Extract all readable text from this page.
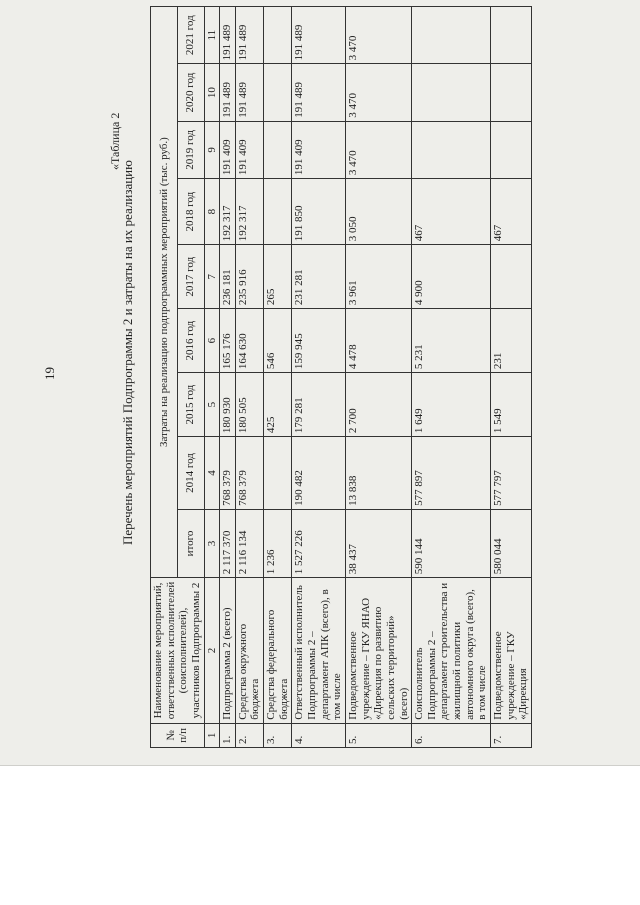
19
«Таблица 2
Перечень мероприятий Подпрограммы 2 и затраты на их реализацию
№ п/п	Наименование мероприятий, ответственных исполнителей (соисполнителей), участников Подпрограммы 2	Затраты на реализацию подпрограммных мероприятий (тыс. руб.)								
		итого	2014 год	2015 год	2016 год	2017 год	2018 год	2019 год	2020 год	2021 год
1	2	3	4	5	6	7	8	9	10	11
1.	Подпрограмма 2 (всего)	2 117 370	768 379	180 930	165 176	236 181	192 317	191 409	191 489	191 489
2.	Средства окружного бюджета	2 116 134	768 379	180 505	164 630	235 916	192 317	191 409	191 489	191 489
3.	Средства федерального бюджета	1 236		425	546	265				
4.	Ответственный исполнитель Подпрограммы 2 – департамент АПК (всего), в том числе	1 527 226	190 482	179 281	159 945	231 281	191 850	191 409	191 489	191 489
5.	Подведомственное учреждение – ГКУ ЯНАО «Дирекция по развитию сельских территорий» (всего)	38 437	13 838	2 700	4 478	3 961	3 050	3 470	3 470	3 470
6.	Соисполнитель Подпрограммы 2 – департамент строительства и жилищной политики автономного округа (всего), в том числе	590 144	577 897	1 649	5 231	4 900	467			
7.	Подведомственное учреждение – ГКУ «Дирекция	580 044	577 797	1 549	231		467			
